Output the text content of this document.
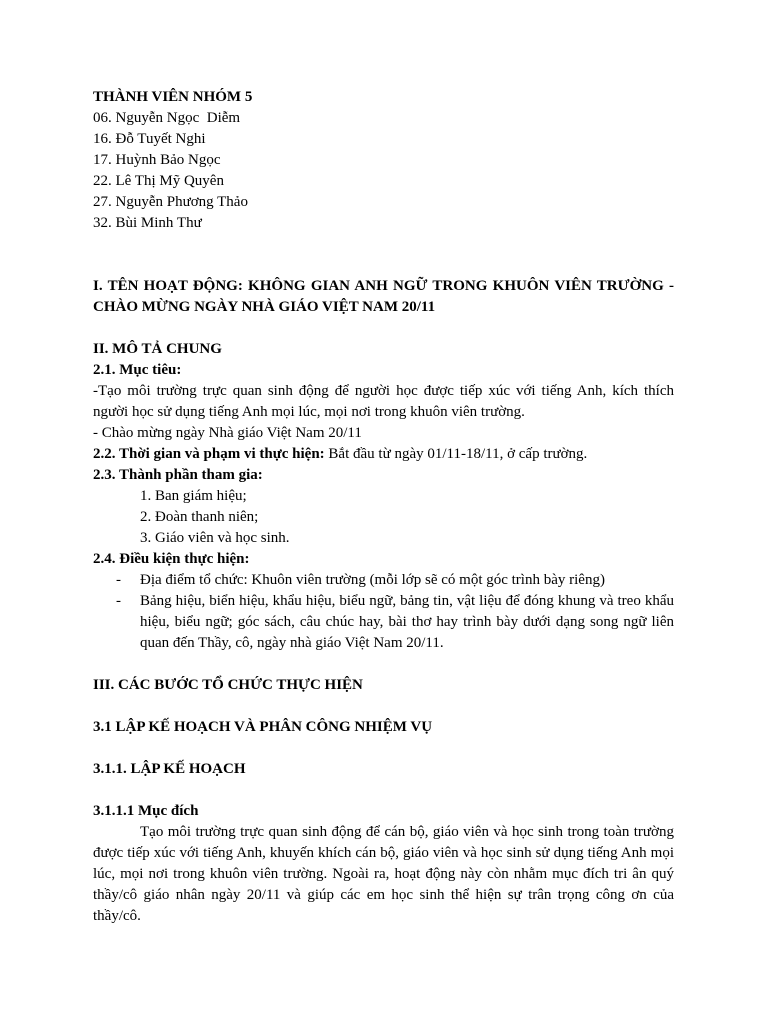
THÀNH VIÊN NHÓM 5
06. Nguyễn Ngọc  Diễm
16. Đỗ Tuyết Nghi
17. Huỳnh Bảo Ngọc
22. Lê Thị Mỹ Quyên
27. Nguyễn Phương Thảo
32. Bùi Minh Thư
I. TÊN HOẠT ĐỘNG: KHÔNG GIAN ANH NGỮ TRONG KHUÔN VIÊN TRƯỜNG - CHÀO MỪNG NGÀY NHÀ GIÁO VIỆT NAM 20/11
II. MÔ TẢ CHUNG
2.1. Mục tiêu:
-Tạo môi trường trực quan sinh động để người học được tiếp xúc với tiếng Anh, kích thích người học sử dụng tiếng Anh mọi lúc, mọi nơi trong khuôn viên trường.
- Chào mừng ngày Nhà giáo Việt Nam 20/11
2.2. Thời gian và phạm vi thực hiện: Bắt đầu từ ngày 01/11-18/11, ở cấp trường.
2.3. Thành phần tham gia:
1. Ban giám hiệu;
2. Đoàn thanh niên;
3. Giáo viên và học sinh.
2.4. Điều kiện thực hiện:
- Địa điểm tổ chức: Khuôn viên trường (mỗi lớp sẽ có một góc trình bày riêng)
- Bảng hiệu, biển hiệu, khẩu hiệu, biểu ngữ, bảng tin, vật liệu để đóng khung và treo khẩu hiệu, biểu ngữ; góc sách, câu chúc hay, bài thơ hay trình bày dưới dạng song ngữ liên quan đến Thầy, cô, ngày nhà giáo Việt Nam 20/11.
III. CÁC BƯỚC TỔ CHỨC THỰC HIỆN
3.1 LẬP KẾ HOẠCH VÀ PHÂN CÔNG NHIỆM VỤ
3.1.1. LẬP KẾ HOẠCH
3.1.1.1 Mục đích
Tạo môi trường trực quan sinh động để cán bộ, giáo viên và học sinh trong toàn trường được tiếp xúc với tiếng Anh, khuyến khích cán bộ, giáo viên và học sinh sử dụng tiếng Anh mọi lúc, mọi nơi trong khuôn viên trường. Ngoài ra, hoạt động này còn nhằm mục đích tri ân quý thầy/cô giáo nhân ngày 20/11 và giúp các em học sinh thể hiện sự trân trọng công ơn của thầy/cô.
